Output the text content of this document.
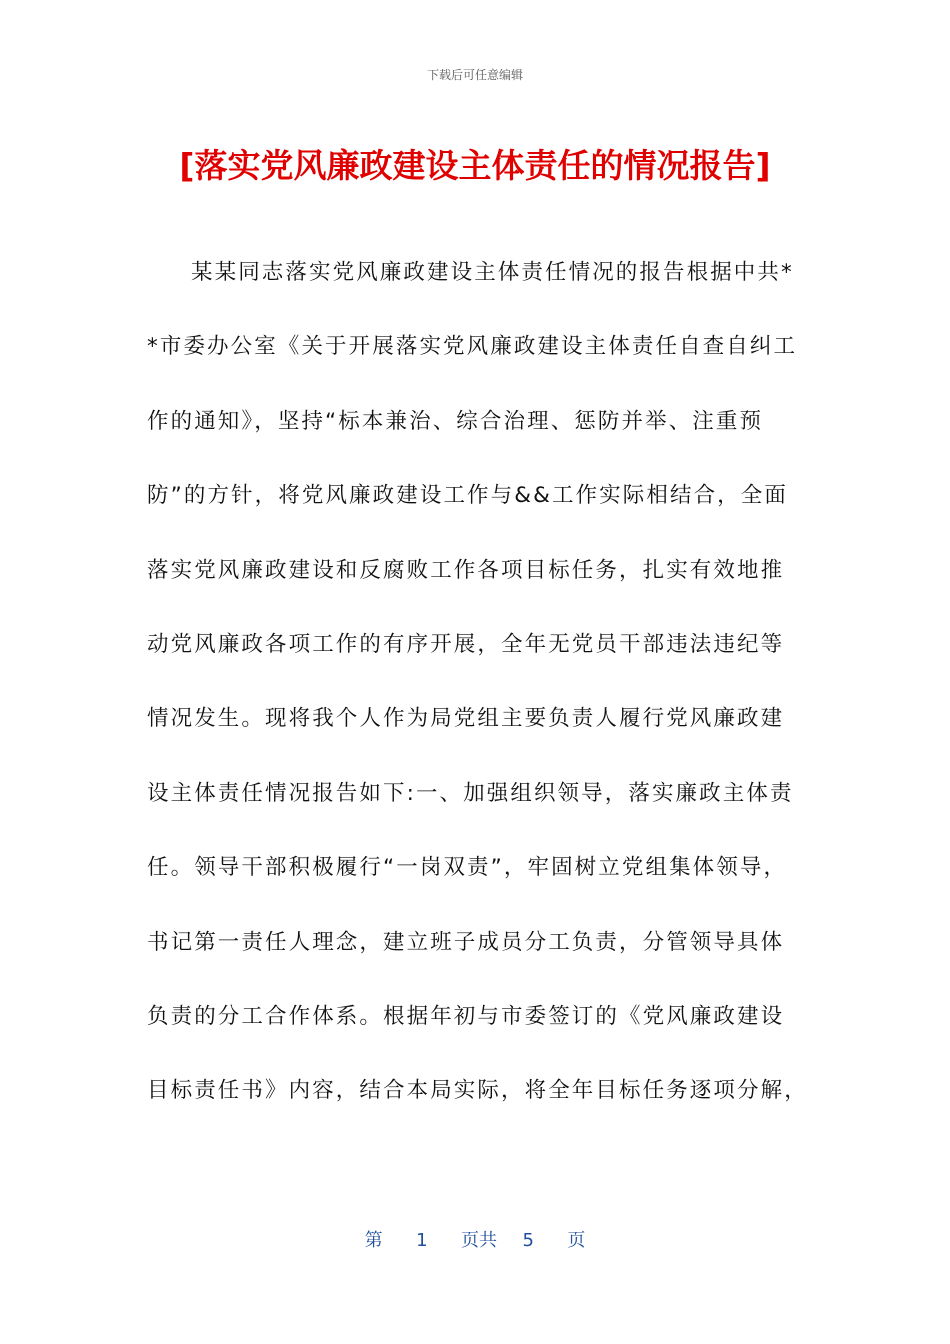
下载后可任意编辑
[落实党风廉政建设主体责任的情况报告]
某某同志落实党风廉政建设主体责任情况的报告根据中共*
*市委办公室《关于开展落实党风廉政建设主体责任自查自纠工
作的通知》，坚持“标本兼治、综合治理、惩防并举、注重预
防”的方针，将党风廉政建设工作与&&工作实际相结合，全面
落实党风廉政建设和反腐败工作各项目标任务，扎实有效地推
动党风廉政各项工作的有序开展，全年无党员干部违法违纪等
情况发生。现将我个人作为局党组主要负责人履行党风廉政建
设主体责任情况报告如下:一、加强组织领导，落实廉政主体责
任。领导干部积极履行“一岗双责”，牢固树立党组集体领导，
书记第一责任人理念，建立班子成员分工负责，分管领导具体
负责的分工合作体系。根据年初与市委签订的《党风廉政建设
目标责任书》内容，结合本局实际，将全年目标任务逐项分解，
第 1 页共 5 页
